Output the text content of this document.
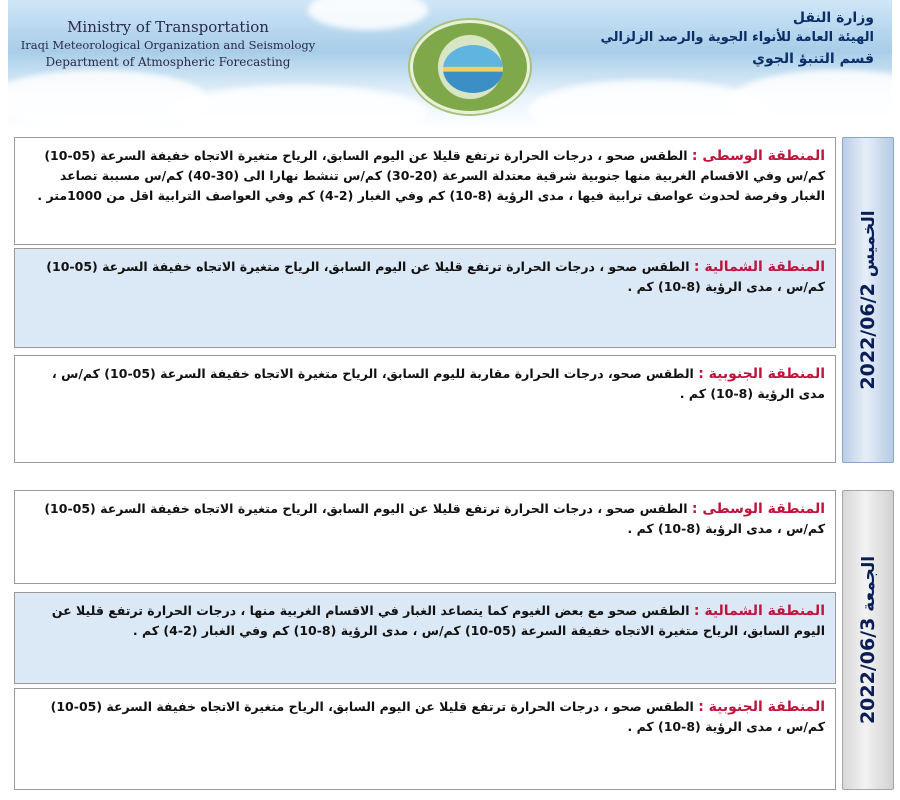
Ministry of Transportation
Iraqi Meteorological Organization and Seismology
Department of Atmospheric Forecasting
وزارة النقل
الهيئة العامة للأنواء الجوية والرصد الزلزالي
قسم التنبؤ الجوي
المنطقة الوسطى : الطقس صحو ، درجات الحرارة ترتفع قليلا عن اليوم السابق، الرياح متغيرة الاتجاه خفيفة السرعة (05-10) كم/س وفي الاقسام الغربية منها جنوبية شرقية معتدلة السرعة (20-30) كم/س تنشط نهارا الى (30-40) كم/س مسببة تصاعد الغبار وفرصة لحدوث عواصف ترابية فيها ، مدى الرؤية (8-10) كم وفي الغبار (2-4) كم وفي العواصف الترابية اقل من 1000متر .
المنطقة الشمالية : الطقس صحو ، درجات الحرارة ترتفع قليلا عن اليوم السابق، الرياح متغيرة الاتجاه خفيفة السرعة (05-10) كم/س ، مدى الرؤية (8-10) كم .
المنطقة الجنوبية : الطقس صحو، درجات الحرارة مقاربة لليوم السابق، الرياح متغيرة الاتجاه خفيفة السرعة (05-10) كم/س ، مدى الرؤية (8-10) كم .
2022/06/2 الخميس
المنطقة الوسطى : الطقس صحو ، درجات الحرارة ترتفع قليلا عن اليوم السابق، الرياح متغيرة الاتجاه خفيفة السرعة (05-10) كم/س ، مدى الرؤية (8-10) كم .
المنطقة الشمالية : الطقس صحو مع بعض الغيوم كما يتصاعد الغبار في الاقسام الغربية منها ، درجات الحرارة ترتفع قليلا عن اليوم السابق، الرياح متغيرة الاتجاه خفيفة السرعة (05-10) كم/س ، مدى الرؤية (8-10) كم وفي الغبار (2-4) كم .
المنطقة الجنوبية : الطقس صحو ، درجات الحرارة ترتفع قليلا عن اليوم السابق، الرياح متغيرة الاتجاه خفيفة السرعة (05-10) كم/س ، مدى الرؤية (8-10) كم .
2022/06/3 الجمعة
